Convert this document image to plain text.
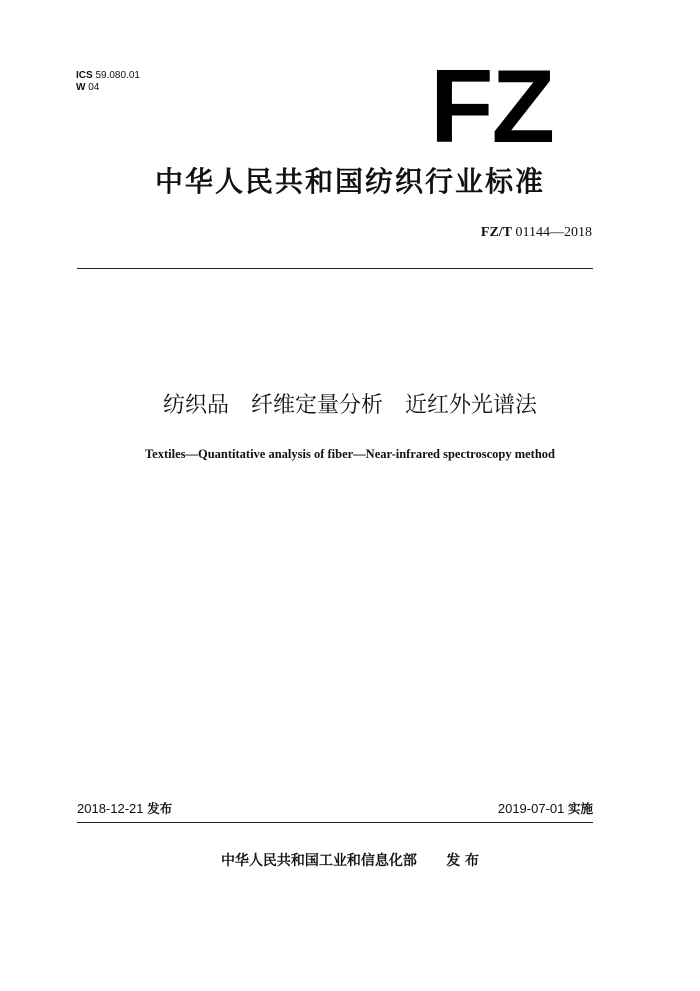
ICS 59.080.01
W 04	FZ
中华人民共和国纺织行业标准
FZ/T 01144—2018
纺织品　纤维定量分析　近红外光谱法
Textiles—Quantitative analysis of fiber—Near-infrared spectroscopy method
2018-12-21 发布	2019-07-01 实施
中华人民共和国工业和信息化部 发 布
